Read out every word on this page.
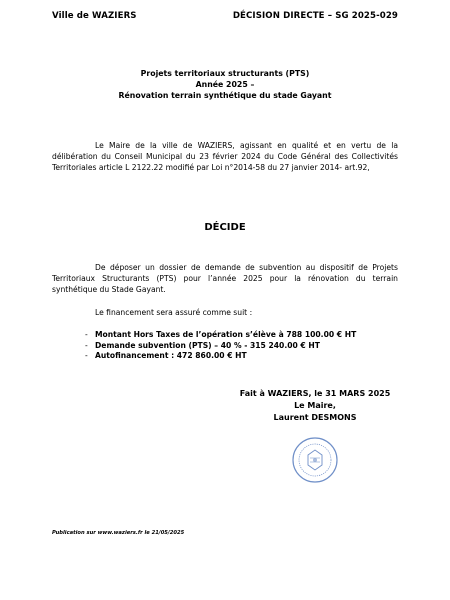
Ville de WAZIERS	DÉCISION DIRECTE – SG 2025-029
Projets territoriaux structurants (PTS)
Année 2025 –
Rénovation terrain synthétique du stade Gayant
Le Maire de la ville de WAZIERS, agissant en qualité et en vertu de la délibération du Conseil Municipal du 23 février 2024 du Code Général des Collectivités Territoriales article L 2122.22 modifié par Loi n°2014-58 du 27 janvier 2014- art.92,
DÉCIDE
De déposer un dossier de demande de subvention au dispositif de Projets Territoriaux Structurants (PTS) pour l’année 2025 pour la rénovation du terrain synthétique du Stade Gayant.
Le financement sera assuré comme suit :
- Montant Hors Taxes de l’opération s’élève à 788 100.00 € HT
- Demande subvention (PTS) – 40 % - 315 240.00 € HT
- Autofinancement : 472 860.00 € HT
Fait à WAZIERS, le 31 MARS 2025
Le Maire,
Laurent DESMONS
Publication sur www.waziers.fr le 21/05/2025
